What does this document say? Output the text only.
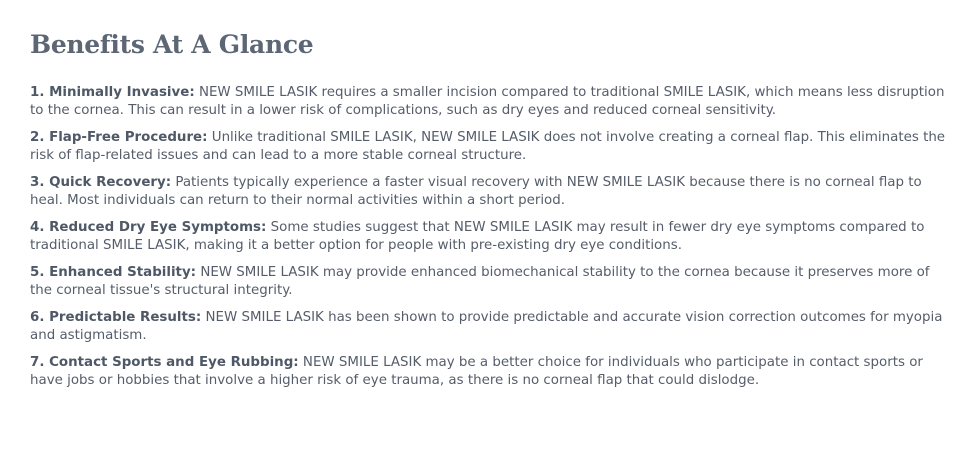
Benefits At A Glance

1. Minimally Invasive: NEW SMILE LASIK requires a smaller incision compared to traditional SMILE LASIK, which means less disruption to the cornea. This can result in a lower risk of complications, such as dry eyes and reduced corneal sensitivity.

2. Flap-Free Procedure: Unlike traditional SMILE LASIK, NEW SMILE LASIK does not involve creating a corneal flap. This eliminates the risk of flap-related issues and can lead to a more stable corneal structure.

3. Quick Recovery: Patients typically experience a faster visual recovery with NEW SMILE LASIK because there is no corneal flap to heal. Most individuals can return to their normal activities within a short period.

4. Reduced Dry Eye Symptoms: Some studies suggest that NEW SMILE LASIK may result in fewer dry eye symptoms compared to traditional SMILE LASIK, making it a better option for people with pre-existing dry eye conditions.

5. Enhanced Stability: NEW SMILE LASIK may provide enhanced biomechanical stability to the cornea because it preserves more of the corneal tissue's structural integrity.

6. Predictable Results: NEW SMILE LASIK has been shown to provide predictable and accurate vision correction outcomes for myopia and astigmatism.

7. Contact Sports and Eye Rubbing: NEW SMILE LASIK may be a better choice for individuals who participate in contact sports or have jobs or hobbies that involve a higher risk of eye trauma, as there is no corneal flap that could dislodge.
